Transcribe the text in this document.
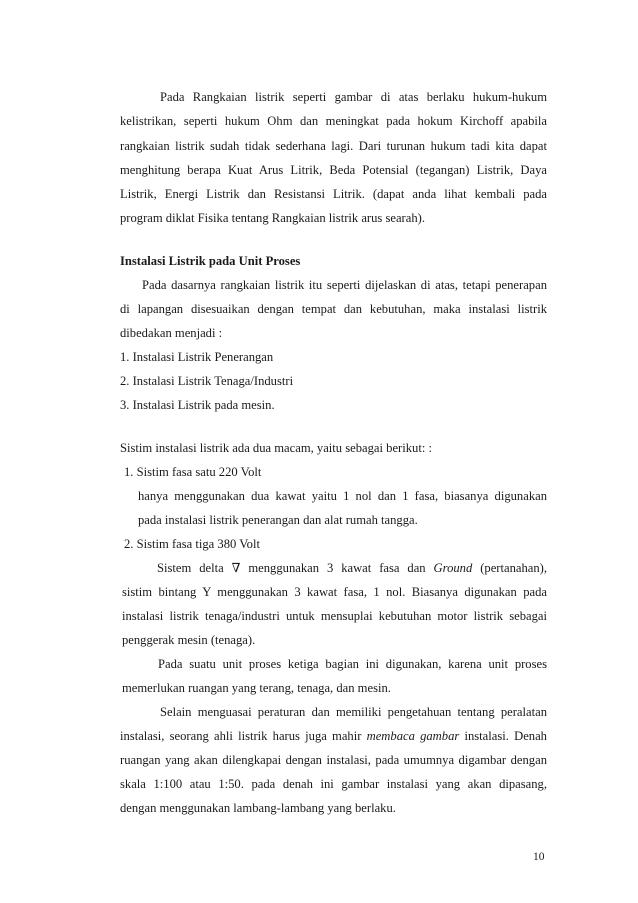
Pada Rangkaian listrik seperti gambar di atas berlaku hukum-hukum
kelistrikan, seperti hukum Ohm dan meningkat pada hokum Kirchoff apabila
rangkaian listrik sudah tidak sederhana lagi. Dari turunan hukum tadi kita dapat
menghitung berapa Kuat Arus Litrik, Beda Potensial (tegangan) Listrik, Daya
Listrik, Energi Listrik dan Resistansi Litrik. (dapat anda lihat kembali pada
program diklat Fisika tentang Rangkaian listrik arus searah).
Instalasi Listrik pada Unit Proses
Pada dasarnya rangkaian listrik itu seperti dijelaskan di atas, tetapi penerapan
di lapangan disesuaikan dengan tempat dan kebutuhan, maka instalasi listrik
dibedakan menjadi :
1. Instalasi Listrik Penerangan
2. Instalasi Listrik Tenaga/Industri
3. Instalasi Listrik pada mesin.
Sistim instalasi listrik ada dua macam, yaitu sebagai berikut: :
1. Sistim fasa satu 220 Volt
hanya menggunakan dua kawat yaitu 1 nol dan 1 fasa, biasanya digunakan
pada instalasi listrik penerangan dan alat rumah tangga.
2. Sistim fasa tiga 380 Volt
Sistem delta ∇ menggunakan 3 kawat fasa dan Ground (pertanahan),
sistim bintang Y menggunakan 3 kawat fasa, 1 nol. Biasanya digunakan pada
instalasi listrik tenaga/industri untuk mensuplai kebutuhan motor listrik sebagai
penggerak mesin (tenaga).
Pada suatu unit proses ketiga bagian ini digunakan, karena unit proses
memerlukan ruangan yang terang, tenaga, dan mesin.
Selain menguasai peraturan dan memiliki pengetahuan tentang peralatan
instalasi, seorang ahli listrik harus juga mahir membaca gambar instalasi. Denah
ruangan yang akan dilengkapai dengan instalasi, pada umumnya digambar dengan
skala 1:100 atau 1:50. pada denah ini gambar instalasi yang akan dipasang,
dengan menggunakan lambang-lambang yang berlaku.
10
